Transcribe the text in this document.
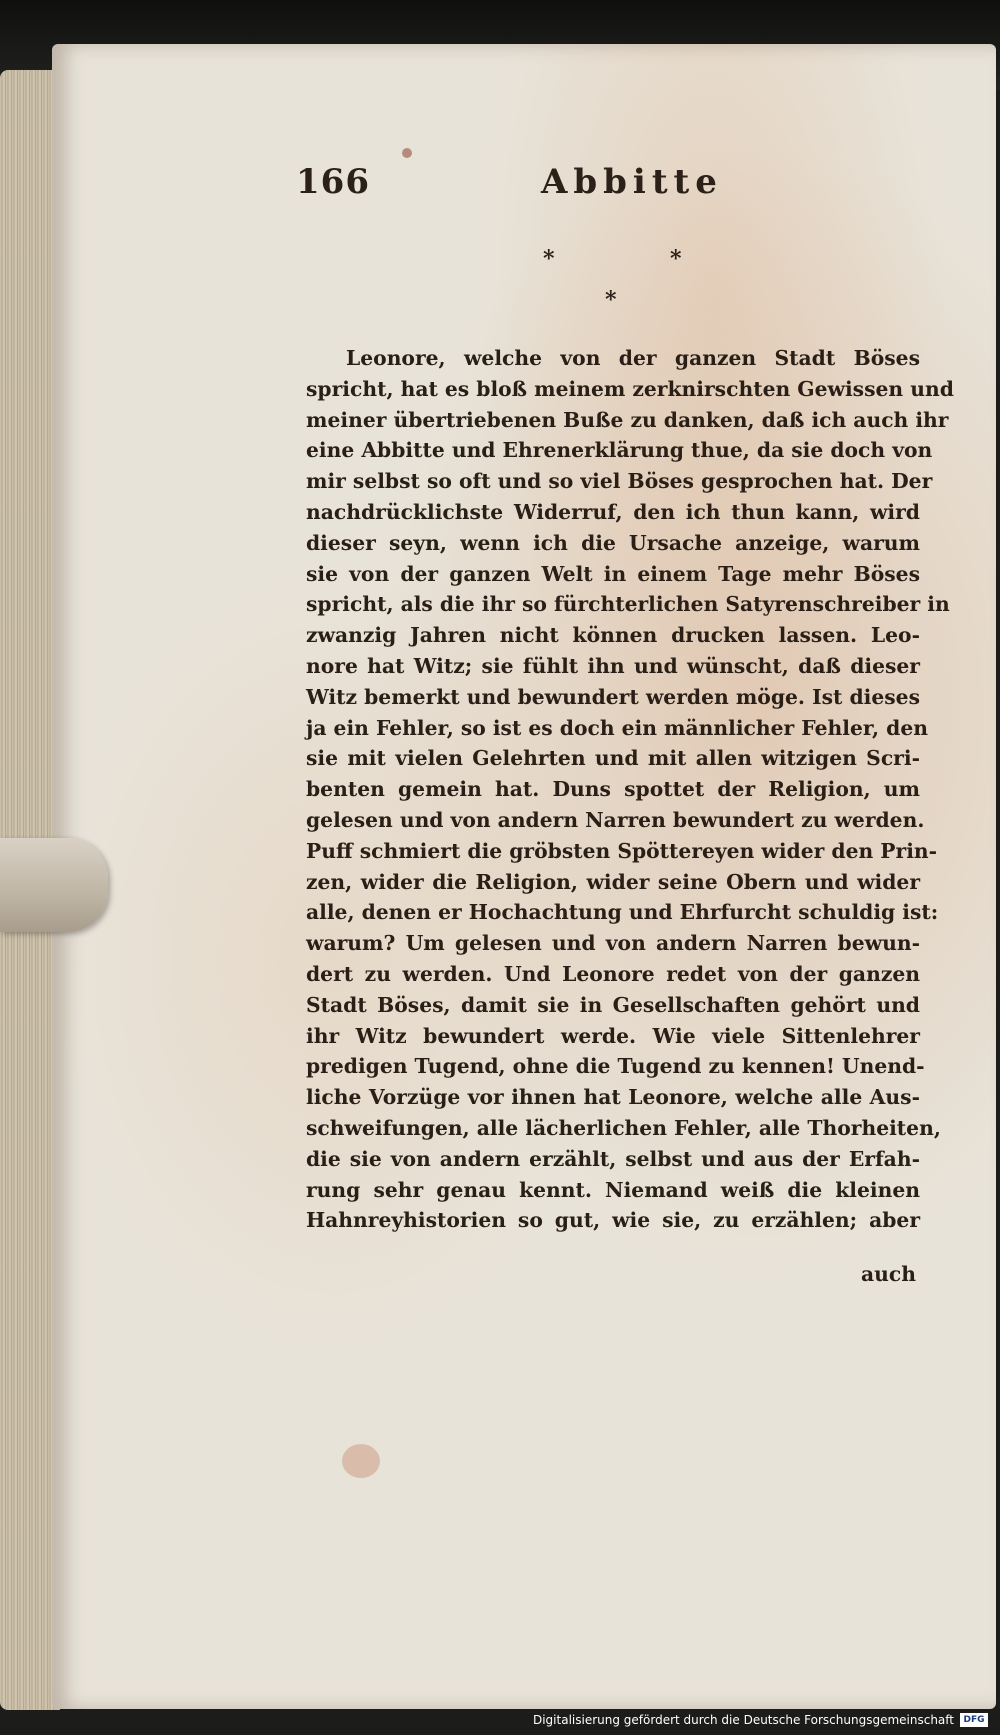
166	Abbitte
*	*
*
Leonore, welche von der ganzen Stadt Böses
spricht, hat es bloß meinem zerknirschten Gewissen und
meiner übertriebenen Buße zu danken, daß ich auch ihr
eine Abbitte und Ehrenerklärung thue, da sie doch von
mir selbst so oft und so viel Böses gesprochen hat. Der
nachdrücklichste Widerruf, den ich thun kann, wird
dieser seyn, wenn ich die Ursache anzeige, warum
sie von der ganzen Welt in einem Tage mehr Böses
spricht, als die ihr so fürchterlichen Satyrenschreiber in
zwanzig Jahren nicht können drucken lassen. Leo-
nore hat Witz; sie fühlt ihn und wünscht, daß dieser
Witz bemerkt und bewundert werden möge. Ist dieses
ja ein Fehler, so ist es doch ein männlicher Fehler, den
sie mit vielen Gelehrten und mit allen witzigen Scri-
benten gemein hat. Duns spottet der Religion, um
gelesen und von andern Narren bewundert zu werden.
Puff schmiert die gröbsten Spöttereyen wider den Prin-
zen, wider die Religion, wider seine Obern und wider
alle, denen er Hochachtung und Ehrfurcht schuldig ist:
warum? Um gelesen und von andern Narren bewun-
dert zu werden. Und Leonore redet von der ganzen
Stadt Böses, damit sie in Gesellschaften gehört und
ihr Witz bewundert werde. Wie viele Sittenlehrer
predigen Tugend, ohne die Tugend zu kennen! Unend-
liche Vorzüge vor ihnen hat Leonore, welche alle Aus-
schweifungen, alle lächerlichen Fehler, alle Thorheiten,
die sie von andern erzählt, selbst und aus der Erfah-
rung sehr genau kennt. Niemand weiß die kleinen
Hahnreyhistorien so gut, wie sie, zu erzählen; aber
auch
Digitalisierung gefördert durch die Deutsche Forschungsgemeinschaft	DFG
